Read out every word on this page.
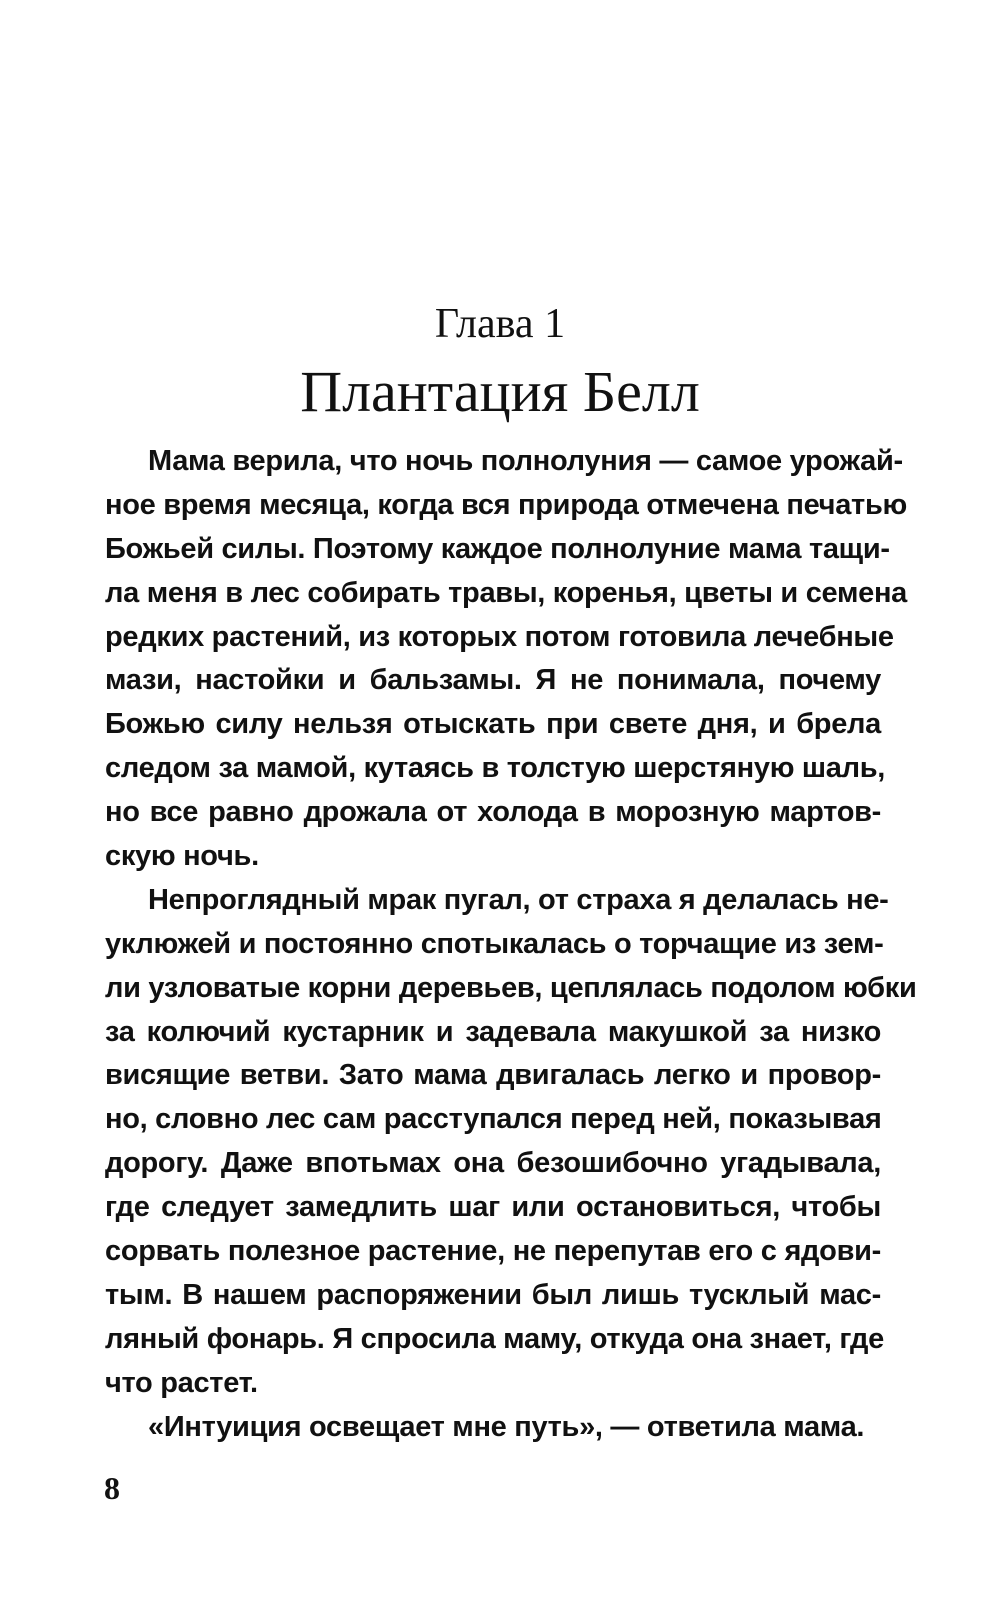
Глава 1
Плантация Белл
Мама верила, что ночь полнолуния — самое урожай-
ное время месяца, когда вся природа отмечена печатью
Божьей силы. Поэтому каждое полнолуние мама тащи-
ла меня в лес собирать травы, коренья, цветы и семена
редких растений, из которых потом готовила лечебные
мази, настойки и бальзамы. Я не понимала, почему
Божью силу нельзя отыскать при свете дня, и брела
следом за мамой, кутаясь в толстую шерстяную шаль,
но все равно дрожала от холода в морозную мартов-
скую ночь.
Непроглядный мрак пугал, от страха я делалась не-
уклюжей и постоянно спотыкалась о торчащие из зем-
ли узловатые корни деревьев, цеплялась подолом юбки
за колючий кустарник и задевала макушкой за низко
висящие ветви. Зато мама двигалась легко и провор-
но, словно лес сам расступался перед ней, показывая
дорогу. Даже впотьмах она безошибочно угадывала,
где следует замедлить шаг или остановиться, чтобы
сорвать полезное растение, не перепутав его с ядови-
тым. В нашем распоряжении был лишь тусклый мас-
ляный фонарь. Я спросила маму, откуда она знает, где
что растет.
«Интуиция освещает мне путь», — ответила мама.
8
